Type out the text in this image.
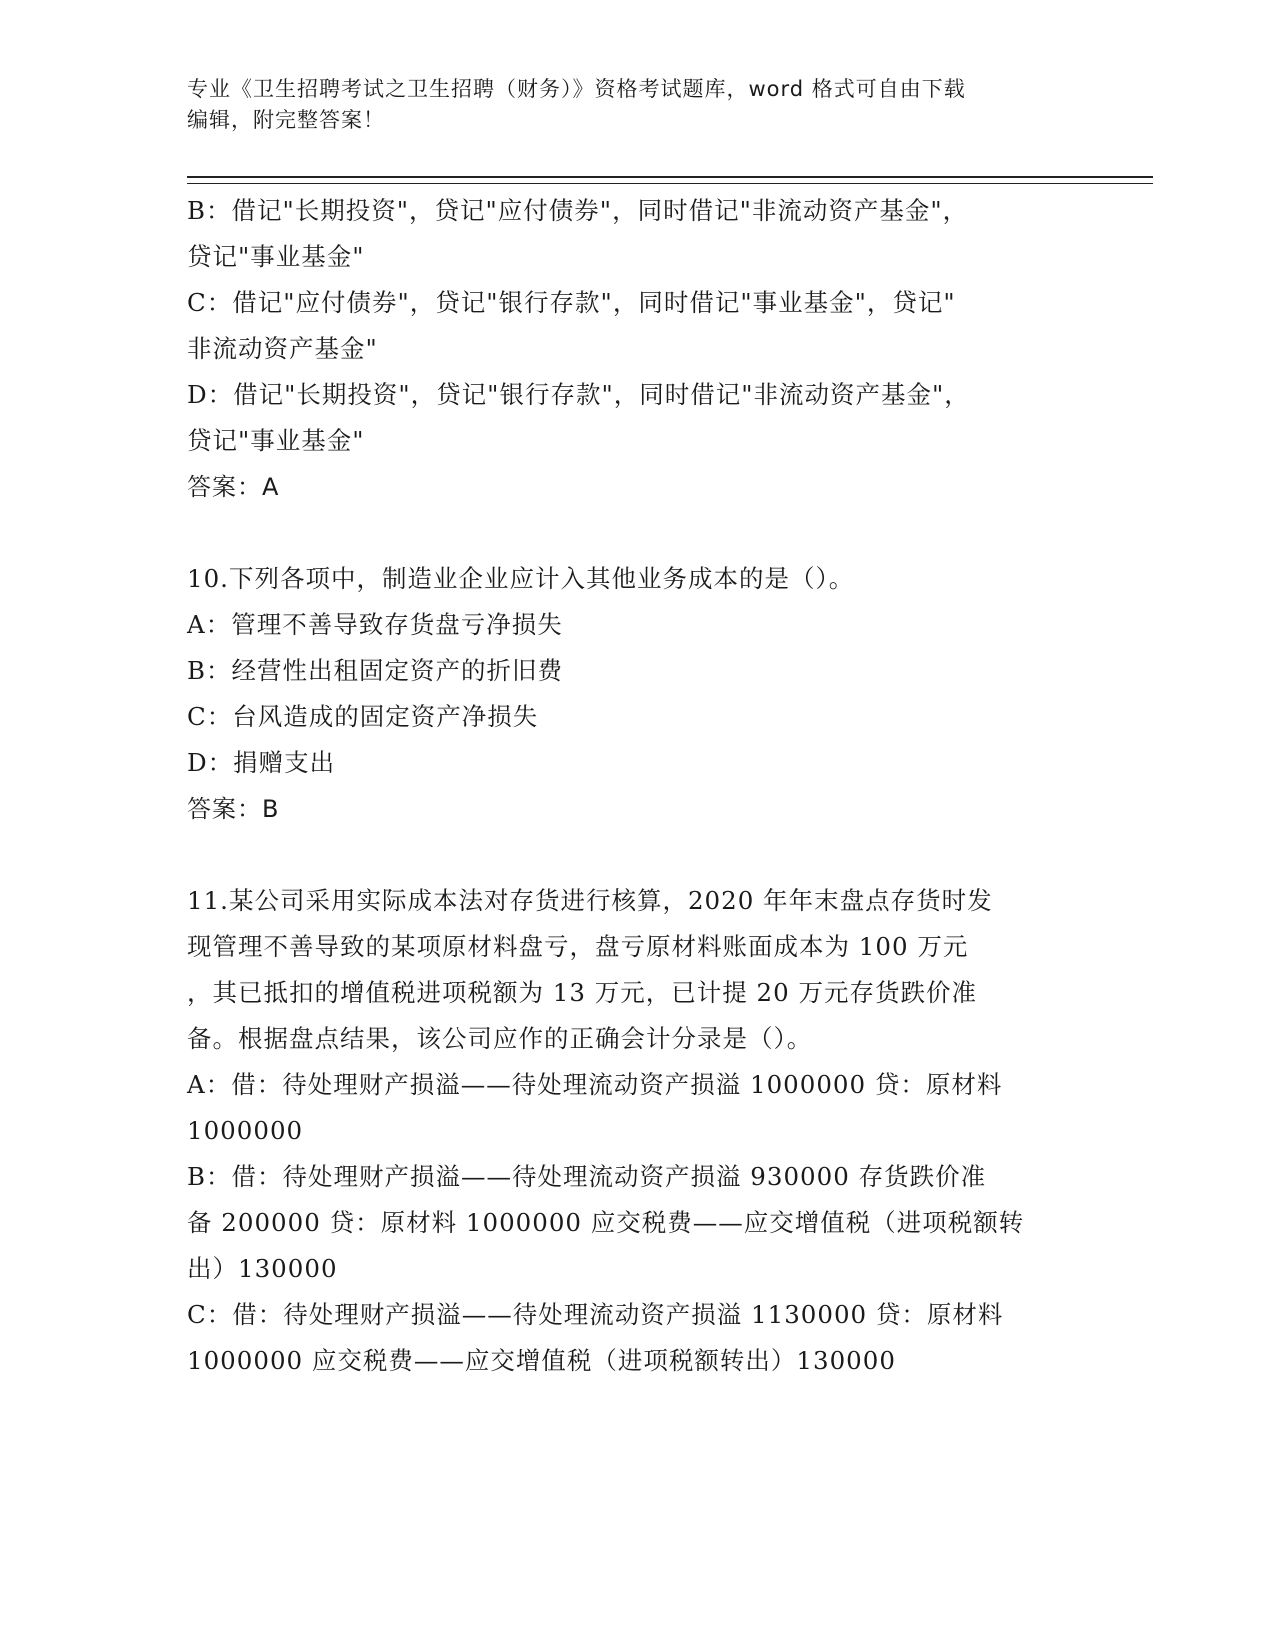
专业《卫生招聘考试之卫生招聘（财务）》资格考试题库，word 格式可自由下载
编辑，附完整答案！
B：借记"长期投资"，贷记"应付债券"，同时借记"非流动资产基金"，
贷记"事业基金"
C：借记"应付债券"，贷记"银行存款"，同时借记"事业基金"，贷记"
非流动资产基金"
D：借记"长期投资"，贷记"银行存款"，同时借记"非流动资产基金"，
贷记"事业基金"
答案：A
10.下列各项中，制造业企业应计入其他业务成本的是（）。
A：管理不善导致存货盘亏净损失
B：经营性出租固定资产的折旧费
C：台风造成的固定资产净损失
D：捐赠支出
答案：B
11.某公司采用实际成本法对存货进行核算，2020 年年末盘点存货时发
现管理不善导致的某项原材料盘亏，盘亏原材料账面成本为 100 万元
，其已抵扣的增值税进项税额为 13 万元，已计提 20 万元存货跌价准
备。根据盘点结果，该公司应作的正确会计分录是（）。
A：借：待处理财产损溢——待处理流动资产损溢 1000000 贷：原材料
1000000
B：借：待处理财产损溢——待处理流动资产损溢 930000 存货跌价准
备 200000 贷：原材料 1000000 应交税费——应交增值税（进项税额转
出）130000
C：借：待处理财产损溢——待处理流动资产损溢 1130000 贷：原材料
1000000 应交税费——应交增值税（进项税额转出）130000
